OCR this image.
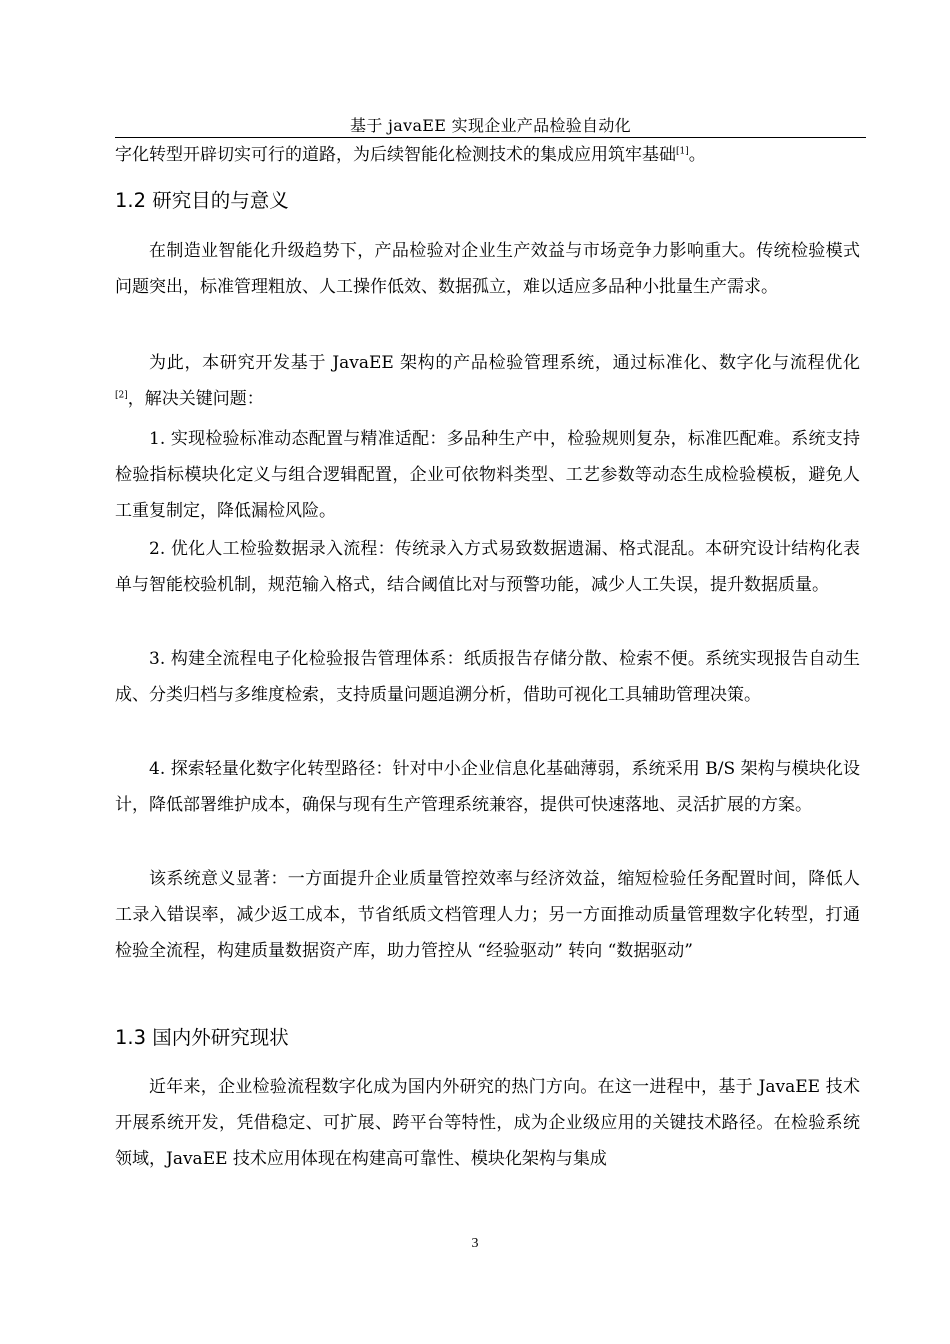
基于 javaEE 实现企业产品检验自动化
字化转型开辟切实可行的道路，为后续智能化检测技术的集成应用筑牢基础[1]。
1.2 研究目的与意义
在制造业智能化升级趋势下，产品检验对企业生产效益与市场竞争力影响重大。传统检验模式问题突出，标准管理粗放、人工操作低效、数据孤立，难以适应多品种小批量生产需求。
为此，本研究开发基于 JavaEE 架构的产品检验管理系统，通过标准化、数字化与流程优化[2]，解决关键问题：
1. 实现检验标准动态配置与精准适配：多品种生产中，检验规则复杂，标准匹配难。系统支持检验指标模块化定义与组合逻辑配置，企业可依物料类型、工艺参数等动态生成检验模板，避免人工重复制定，降低漏检风险。
2. 优化人工检验数据录入流程：传统录入方式易致数据遗漏、格式混乱。本研究设计结构化表单与智能校验机制，规范输入格式，结合阈值比对与预警功能，减少人工失误，提升数据质量。
3. 构建全流程电子化检验报告管理体系：纸质报告存储分散、检索不便。系统实现报告自动生成、分类归档与多维度检索，支持质量问题追溯分析，借助可视化工具辅助管理决策。
4. 探索轻量化数字化转型路径：针对中小企业信息化基础薄弱，系统采用 B/S 架构与模块化设计，降低部署维护成本，确保与现有生产管理系统兼容，提供可快速落地、灵活扩展的方案。
该系统意义显著：一方面提升企业质量管控效率与经济效益，缩短检验任务配置时间，降低人工录入错误率，减少返工成本，节省纸质文档管理人力；另一方面推动质量管理数字化转型，打通检验全流程，构建质量数据资产库，助力管控从 “经验驱动” 转向 “数据驱动”
1.3 国内外研究现状
近年来，企业检验流程数字化成为国内外研究的热门方向。在这一进程中，基于 JavaEE 技术开展系统开发，凭借稳定、可扩展、跨平台等特性，成为企业级应用的关键技术路径。在检验系统领域，JavaEE 技术应用体现在构建高可靠性、模块化架构与集成
3
